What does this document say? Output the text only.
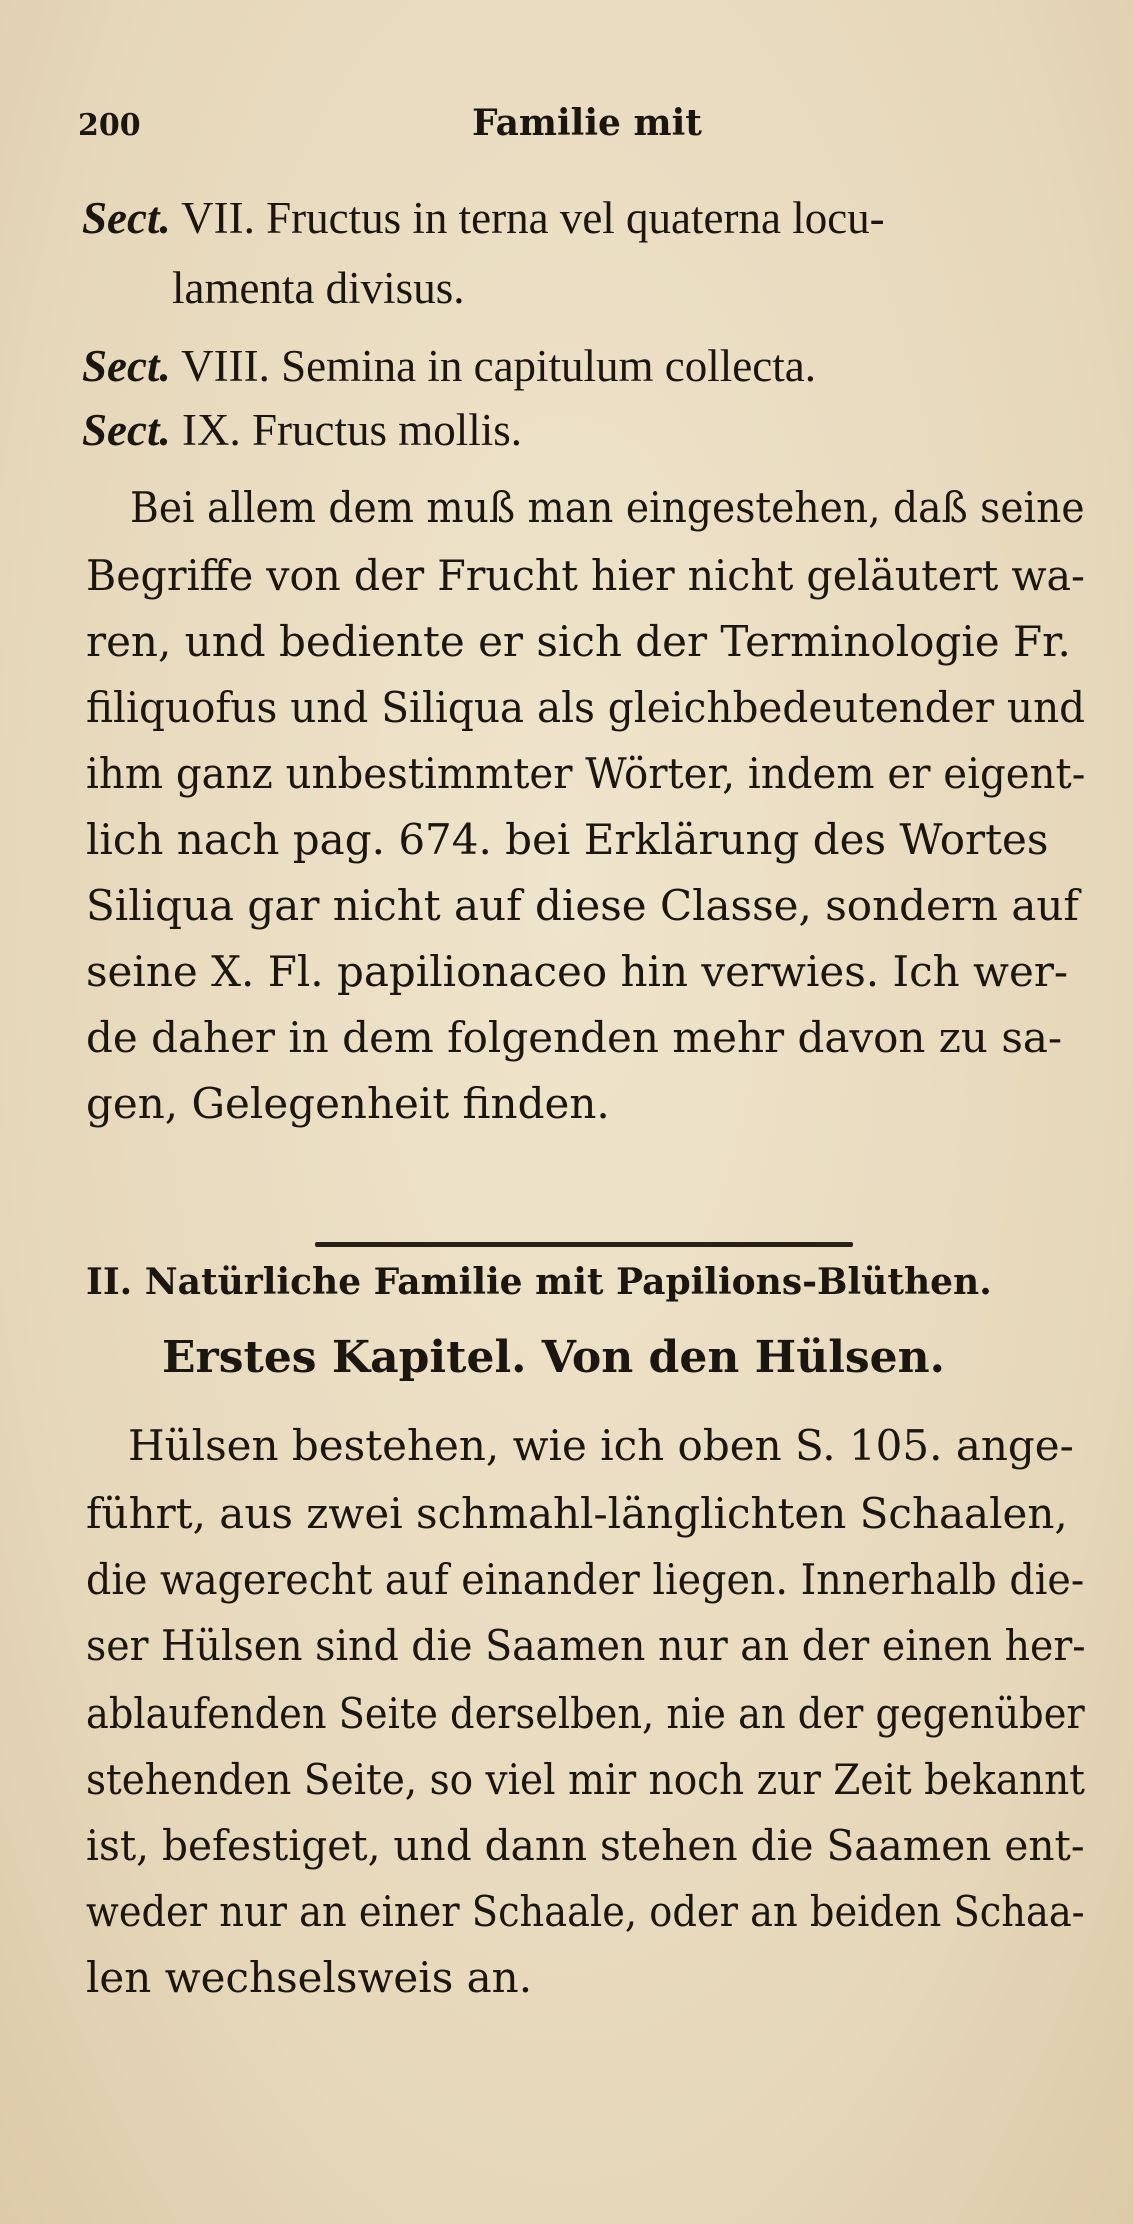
200	Familie mit
Sect. VII. Fructus in terna vel quaterna locu-
lamenta divisus.
Sect. VIII. Semina in capitulum collecta.
Sect. IX. Fructus mollis.
Bei allem dem muß man eingestehen, daß seine
Begriffe von der Frucht hier nicht geläutert wa-
ren, und bediente er sich der Terminologie Fr.
filiquofus und Siliqua als gleichbedeutender und
ihm ganz unbestimmter Wörter, indem er eigent-
lich nach pag. 674. bei Erklärung des Wortes
Siliqua gar nicht auf diese Classe, sondern auf
seine X. Fl. papilionaceo hin verwies. Ich wer-
de daher in dem folgenden mehr davon zu sa-
gen, Gelegenheit finden.
II. Natürliche Familie mit Papilions-Blüthen.
Erstes Kapitel. Von den Hülsen.
Hülsen bestehen, wie ich oben S. 105. ange-
führt, aus zwei schmahl-länglichten Schaalen,
die wagerecht auf einander liegen. Innerhalb die-
ser Hülsen sind die Saamen nur an der einen her-
ablaufenden Seite derselben, nie an der gegenüber
stehenden Seite, so viel mir noch zur Zeit bekannt
ist, befestiget, und dann stehen die Saamen ent-
weder nur an einer Schaale, oder an beiden Schaa-
len wechselsweis an.
